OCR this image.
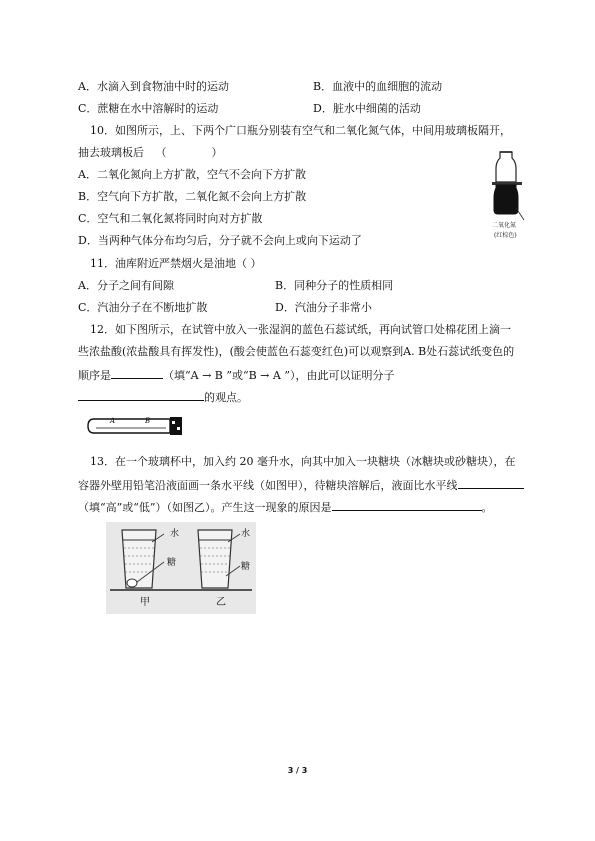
A．水滴入到食物油中时的运动	B．血液中的血细胞的流动
C．蔗糖在水中溶解时的运动	D．脏水中细菌的活动
10．如图所示，上、下两个广口瓶分别装有空气和二氧化氮气体，中间用玻璃板隔开，
抽去玻璃板后 （	）
A．二氧化氮向上方扩散，空气不会向下方扩散
B．空气向下方扩散，二氧化氮不会向上方扩散
C．空气和二氧化氮将同时向对方扩散
D．当两种气体分布均匀后，分子就不会向上或向下运动了
二氧化氮
(红棕色)
11．油库附近严禁烟火是油地（ ）
A．分子之间有间隙	B．同种分子的性质相同
C．汽油分子在不断地扩散	D．汽油分子非常小
12．如下图所示，在试管中放入一张湿润的蓝色石蕊试纸，再向试管口处棉花团上滴一
些浓盐酸(浓盐酸具有挥发性)，(酸会使蓝色石蕊变红色)可以观察到A. B处石蕊试纸变色的
顺序是	（填“A → B ”或“B → A ”），由此可以证明分子
的观点。
A	B
13．在一个玻璃杯中，加入约 20 毫升水，向其中加入一块糖块（冰糖块或砂糖块），在
容器外壁用铅笔沿液面画一条水平线（如图甲），待糖块溶解后，液面比水平线
（填“高”或“低”）（如图乙）。产生这一现象的原因是	。
水
糖
水
糖
甲	乙
3 / 3
